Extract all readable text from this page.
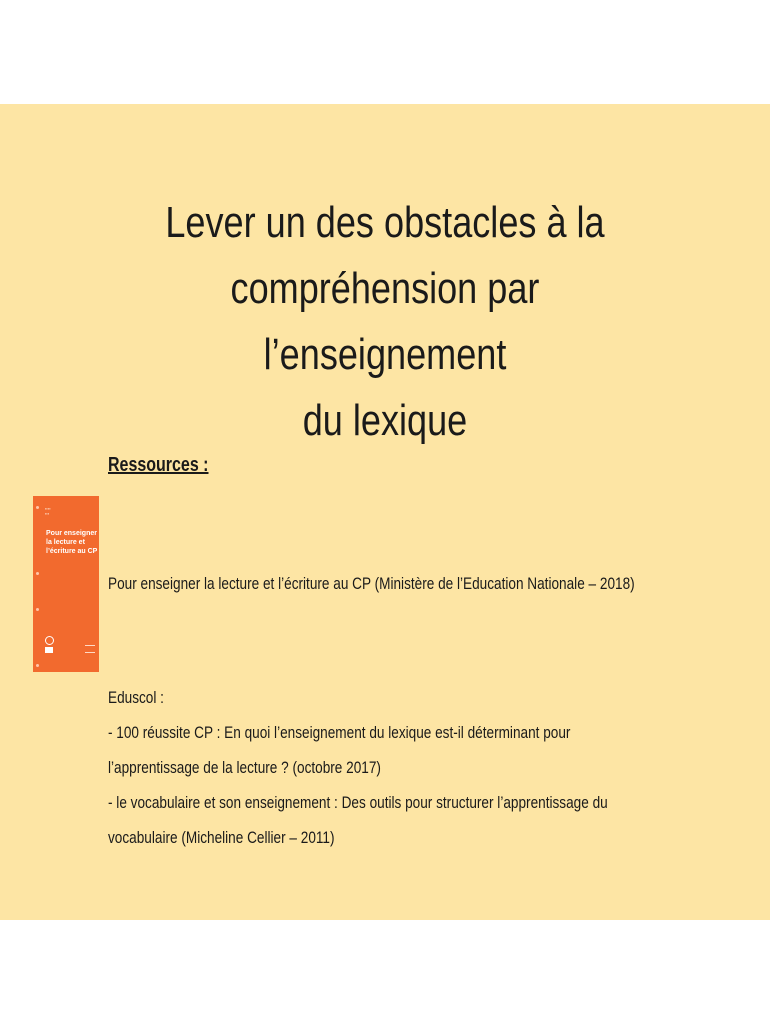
Lever un des obstacles à la
compréhension par l’enseignement
du lexique

Ressources :

▪▪▪▪
▪▪▪
Pour enseigner la lecture et l’écriture au CP

Pour enseigner la lecture et l’écriture au CP (Ministère de l’Education Nationale – 2018)

Eduscol :

- 100 réussite CP : En quoi l’enseignement du lexique est-il déterminant pour

l’apprentissage de la lecture ? (octobre 2017)

- le vocabulaire et son enseignement : Des outils pour structurer l’apprentissage du

vocabulaire (Micheline Cellier – 2011)
